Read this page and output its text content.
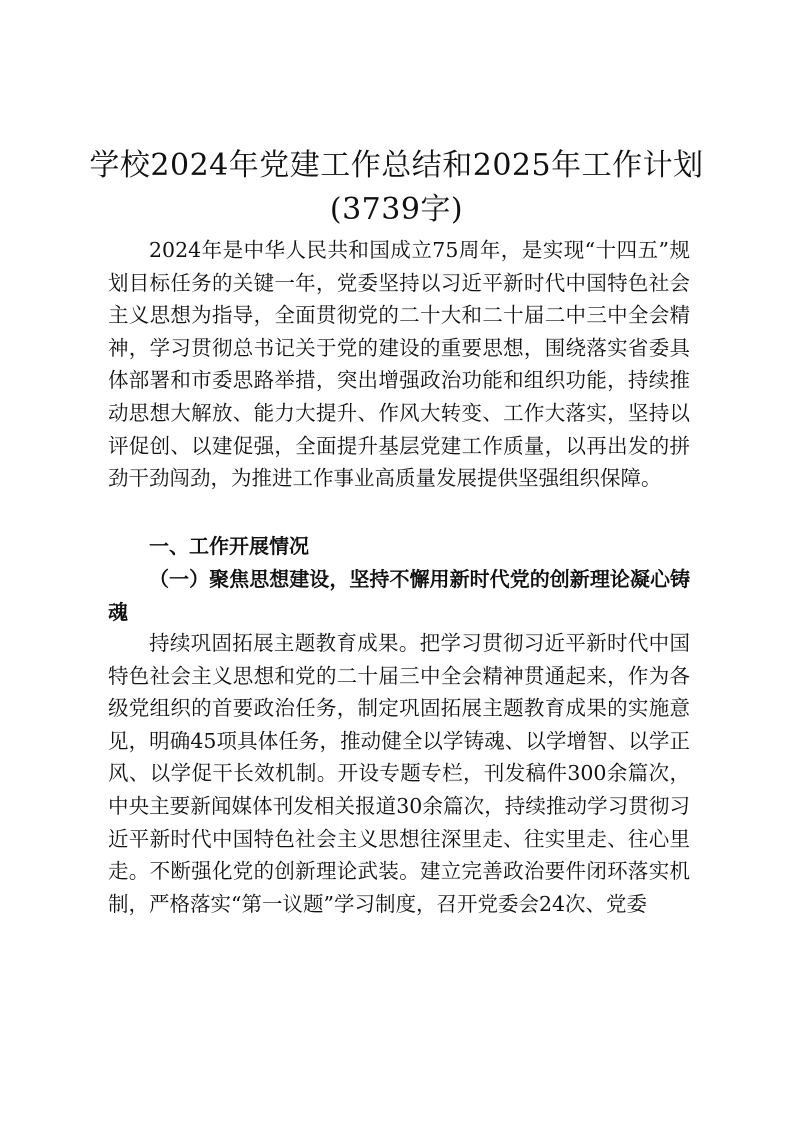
学校2024年党建工作总结和2025年工作计划
(3739字)
2024年是中华人民共和国成立75周年，是实现“十四五”规划目标任务的关键一年，党委坚持以习近平新时代中国特色社会主义思想为指导，全面贯彻党的二十大和二十届二中三中全会精神，学习贯彻总书记关于党的建设的重要思想，围绕落实省委具体部署和市委思路举措，突出增强政治功能和组织功能，持续推动思想大解放、能力大提升、作风大转变、工作大落实，坚持以评促创、以建促强，全面提升基层党建工作质量，以再出发的拼劲干劲闯劲，为推进工作事业高质量发展提供坚强组织保障。
一、工作开展情况
（一）聚焦思想建设，坚持不懈用新时代党的创新理论凝心铸魂
持续巩固拓展主题教育成果。把学习贯彻习近平新时代中国特色社会主义思想和党的二十届三中全会精神贯通起来，作为各级党组织的首要政治任务，制定巩固拓展主题教育成果的实施意见，明确45项具体任务，推动健全以学铸魂、以学增智、以学正风、以学促干长效机制。开设专题专栏，刊发稿件300余篇次，中央主要新闻媒体刊发相关报道30余篇次，持续推动学习贯彻习近平新时代中国特色社会主义思想往深里走、往实里走、往心里走。不断强化党的创新理论武装。建立完善政治要件闭环落实机制，严格落实“第一议题”学习制度，召开党委会24次、党委
